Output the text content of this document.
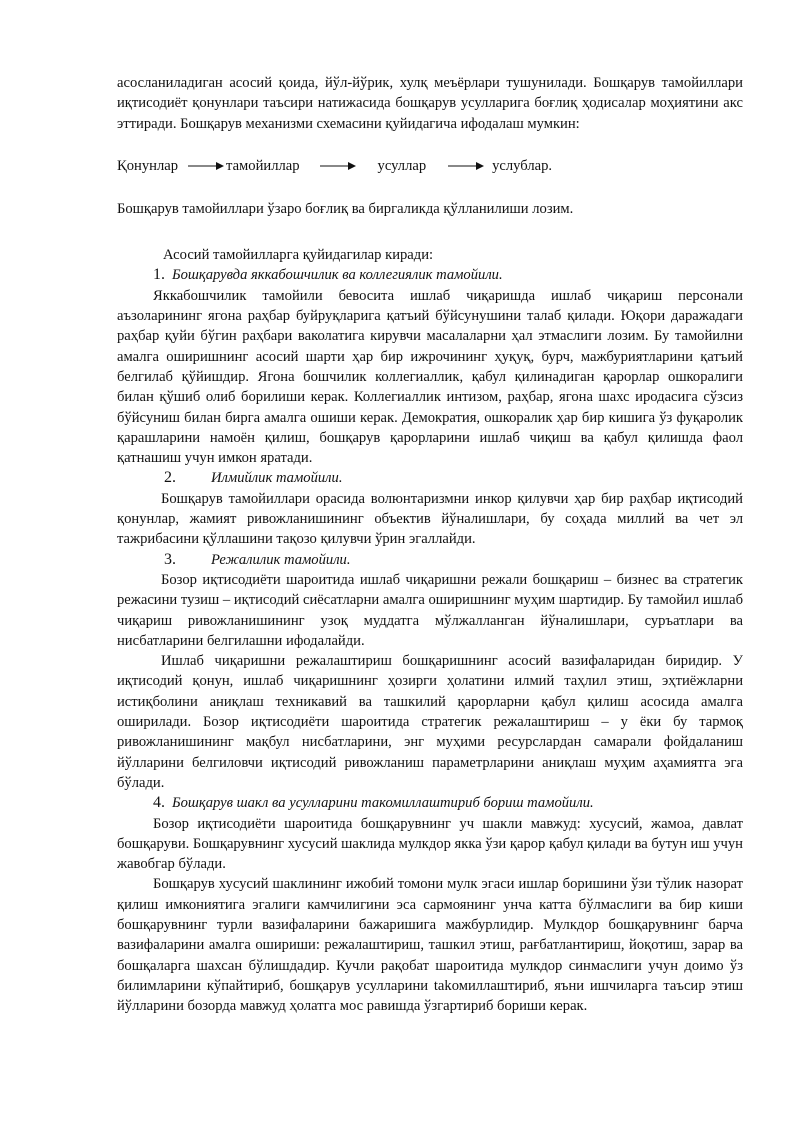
асосланиладиган асосий қоида, йўл-йўрик, хулқ меъёрлари тушунилади. Бошқарув тамойиллари иқтисодиёт қонунлари таъсири натижасида бошқарув усулларига боғлиқ ҳодисалар моҳиятини акс эттиради. Бошқарув механизми схемасини қуйидагича ифодалаш мумкин:

Қонунлар	тамойиллар	усуллар	услублар.

Бошқарув тамойиллари ўзаро боғлиқ ва биргаликда қўлланилиши лозим.

Асосий тамойилларга қуйидагилар киради:

1. Бошқарувда яккабошчилик ва коллегиялик тамойили.

Яккабошчилик тамойили бевосита ишлаб чиқаришда ишлаб чиқариш персонали аъзоларининг ягона раҳбар буйруқларига қатъий бўйсунушини талаб қилади. Юқори даражадаги раҳбар қуйи бўгин раҳбари ваколатига кирувчи масалаларни ҳал этмаслиги лозим. Бу тамойилни амалга оширишнинг асосий шарти ҳар бир ижрочининг ҳуқуқ, бурч, мажбуриятларини қатъий белгилаб қўйишдир. Ягона бошчилик коллегиаллик, қабул қилинадиган қарорлар ошкоралиги билан қўшиб олиб борилиши керак. Коллегиаллик интизом, раҳбар, ягона шахс иродасига сўзсиз бўйсуниш билан бирга амалга ошиши керак. Демократия, ошкоралик ҳар бир кишига ўз фуқаролик қарашларини намоён қилиш, бошқарув қарорларини ишлаб чиқиш ва қабул қилишда фаол қатнашиш учун имкон яратади.

2.	Илмийлик тамойили.

Бошқарув тамойиллари орасида волюнтаризмни инкор қилувчи ҳар бир раҳбар иқтисодий қонунлар, жамият ривожланишининг объектив йўналишлари, бу соҳада миллий ва чет эл тажрибасини қўллашини тақозо қилувчи ўрин эгаллайди.

3.	Режалилик тамойили.

Бозор иқтисодиёти шароитида ишлаб чиқаришни режали бошқариш – бизнес ва стратегик режасини тузиш – иқтисодий сиёсатларни амалга оширишнинг муҳим шартидир. Бу тамойил ишлаб чиқариш ривожланишининг узоқ муддатга мўлжалланган йўналишлари, суръатлари ва нисбатларини белгилашни ифодалайди.

Ишлаб чиқаришни режалаштириш бошқаришнинг асосий вазифаларидан биридир. У иқтисодий қонун, ишлаб чиқаришнинг ҳозирги ҳолатини илмий таҳлил этиш, эҳтиёжларни истиқболини аниқлаш техникавий ва ташкилий қарорларни қабул қилиш асосида амалга оширилади. Бозор иқтисодиёти шароитида стратегик режалаштириш – у ёки бу тармоқ ривожланишининг мақбул нисбатларини, энг муҳими ресурслардан самарали фойдаланиш йўлларини белгиловчи иқтисодий ривожланиш параметрларини аниқлаш муҳим аҳамиятга эга бўлади.

4. Бошқарув шакл ва усулларини такомиллаштириб бориш тамойили.

Бозор иқтисодиёти шароитида бошқарувнинг уч шакли мавжуд: хусусий, жамоа, давлат бошқаруви. Бошқарувнинг хусусий шаклида мулкдор якка ўзи қарор қабул қилади ва бутун иш учун жавобгар бўлади.

Бошқарув хусусий шаклининг ижобий томони мулк эгаси ишлар боришини ўзи тўлик назорат қилиш имкониятига эгалиги камчилигини эса сармоянинг унча катта бўлмаслиги ва бир киши бошқарувнинг турли вазифаларини бажаришига мажбурлидир. Мулкдор бошқарувнинг барча вазифаларини амалга ошириши: режалаштириш, ташкил этиш, рағбатлантириш, йоқотиш, зарар ва бошқаларга шахсан бўлишдадир. Кучли рақобат шароитида мулкдор синмаслиги учун доимо ўз билимларини кўпайтириб, бошқарув усулларини takомиллаштириб, яъни ишчиларга таъсир этиш йўлларини бозорда мавжуд ҳолатга мос равишда ўзгартириб бориши керак.
